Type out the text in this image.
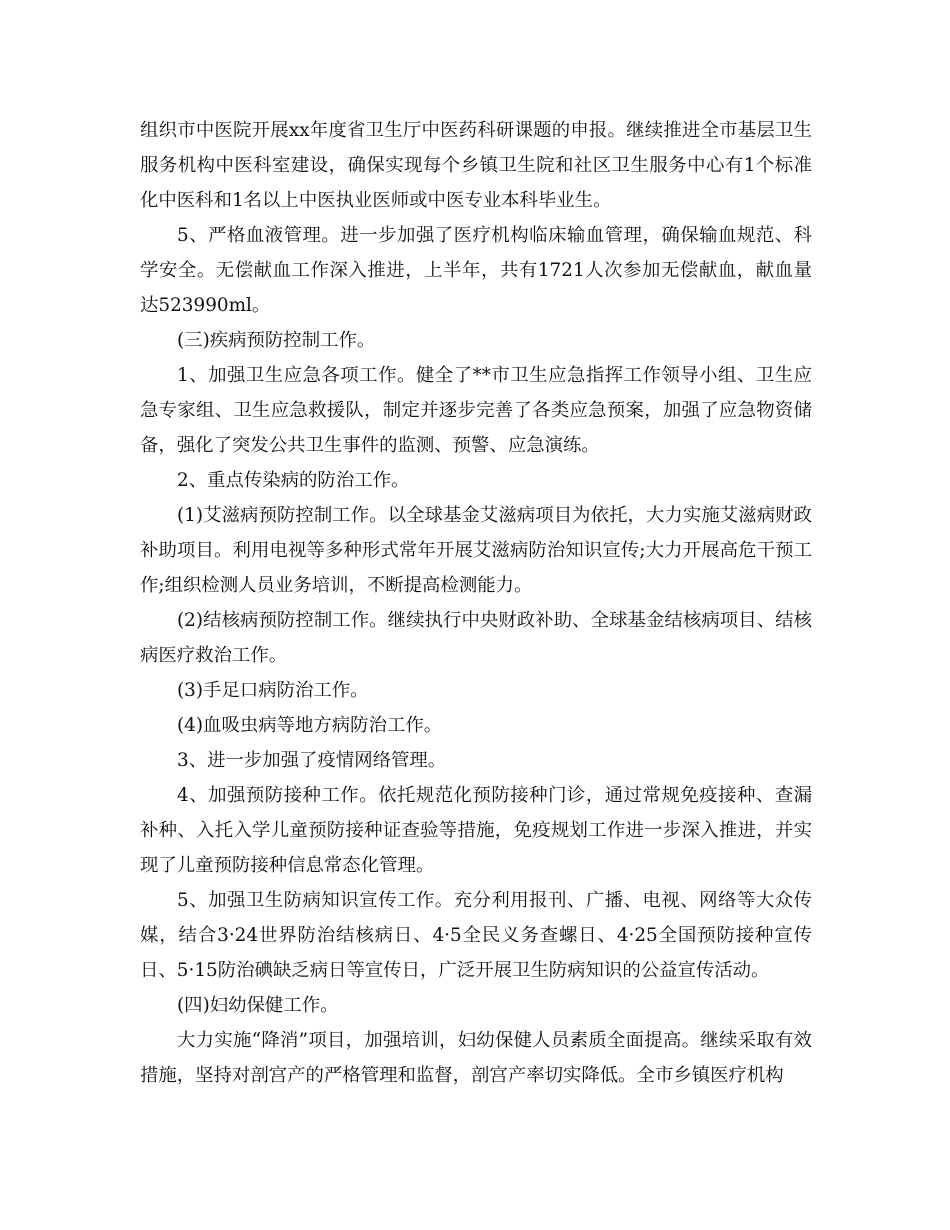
组织市中医院开展xx年度省卫生厅中医药科研课题的申报。继续推进全市基层卫生服务机构中医科室建设，确保实现每个乡镇卫生院和社区卫生服务中心有1个标准化中医科和1名以上中医执业医师或中医专业本科毕业生。

5、严格血液管理。进一步加强了医疗机构临床输血管理，确保输血规范、科学安全。无偿献血工作深入推进，上半年，共有1721人次参加无偿献血，献血量达523990ml。

(三)疾病预防控制工作。

1、加强卫生应急各项工作。健全了**市卫生应急指挥工作领导小组、卫生应急专家组、卫生应急救援队，制定并逐步完善了各类应急预案，加强了应急物资储备，强化了突发公共卫生事件的监测、预警、应急演练。

2、重点传染病的防治工作。

(1)艾滋病预防控制工作。以全球基金艾滋病项目为依托，大力实施艾滋病财政补助项目。利用电视等多种形式常年开展艾滋病防治知识宣传;大力开展高危干预工作;组织检测人员业务培训，不断提高检测能力。

(2)结核病预防控制工作。继续执行中央财政补助、全球基金结核病项目、结核病医疗救治工作。

(3)手足口病防治工作。

(4)血吸虫病等地方病防治工作。

3、进一步加强了疫情网络管理。

4、加强预防接种工作。依托规范化预防接种门诊，通过常规免疫接种、查漏补种、入托入学儿童预防接种证查验等措施，免疫规划工作进一步深入推进，并实现了儿童预防接种信息常态化管理。

5、加强卫生防病知识宣传工作。充分利用报刊、广播、电视、网络等大众传媒，结合3·24世界防治结核病日、4·5全民义务查螺日、4·25全国预防接种宣传日、5·15防治碘缺乏病日等宣传日，广泛开展卫生防病知识的公益宣传活动。

(四)妇幼保健工作。

大力实施“降消”项目，加强培训，妇幼保健人员素质全面提高。继续采取有效措施，坚持对剖宫产的严格管理和监督，剖宫产率切实降低。全市乡镇医疗机构
